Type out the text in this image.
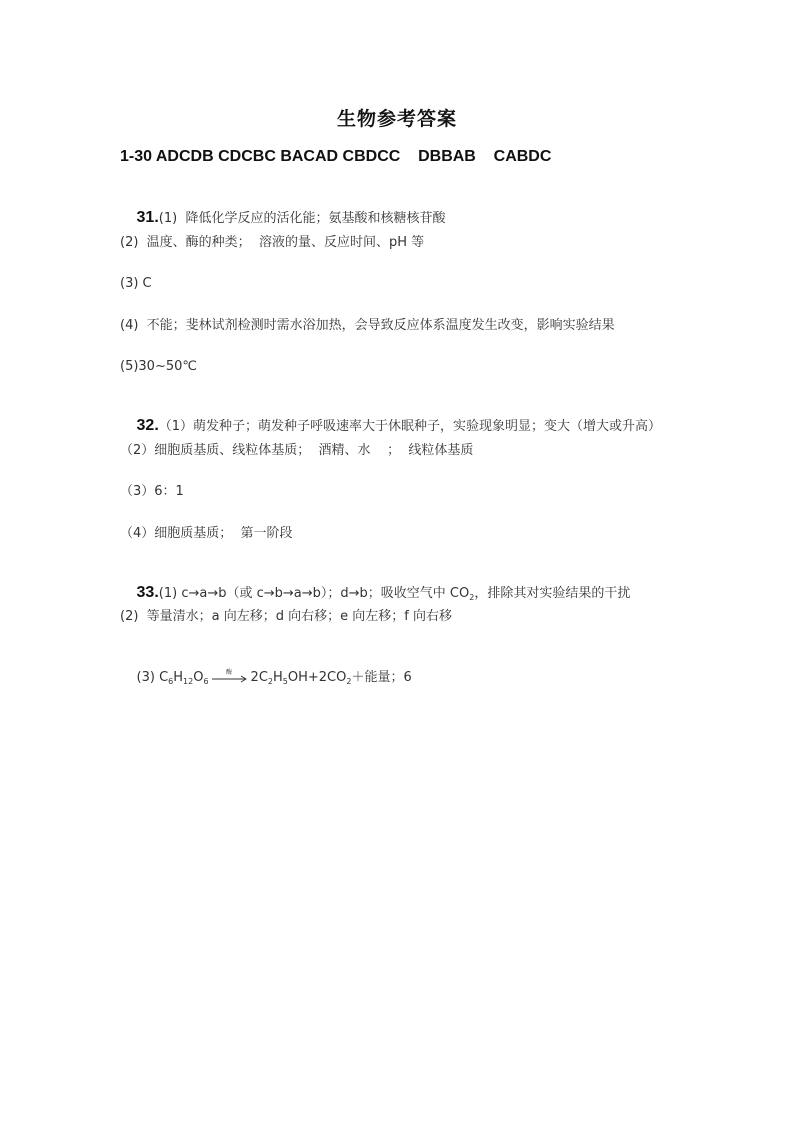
生物参考答案
1-30 ADCDB CDCBC BACAD CBDCC    DBBAB    CABDC

31.(1)  降低化学反应的活化能；氨基酸和核糖核苷酸

(2)  温度、酶的种类；  溶液的量、反应时间、pH 等
(3) C
(4)  不能；斐林试剂检测时需水浴加热，会导致反应体系温度发生改变，影响实验结果
(5)30~50℃

32.（1）萌发种子；萌发种子呼吸速率大于休眠种子，实验现象明显；变大（增大或升高）

（2）细胞质基质、线粒体基质；  酒精、水    ；  线粒体基质
（3）6：1
（4）细胞质基质；  第一阶段

33.(1) c→a→b（或 c→b→a→b）；d→b；吸收空气中 $CO_2$，排除其对实验结果的干扰

(2)  等量清水；a 向左移；d 向右移；e 向左移；f 向右移

(3) $C_6H_{12}O_6$
酶 $2C_2H_5OH+2CO_2+$能量；6
